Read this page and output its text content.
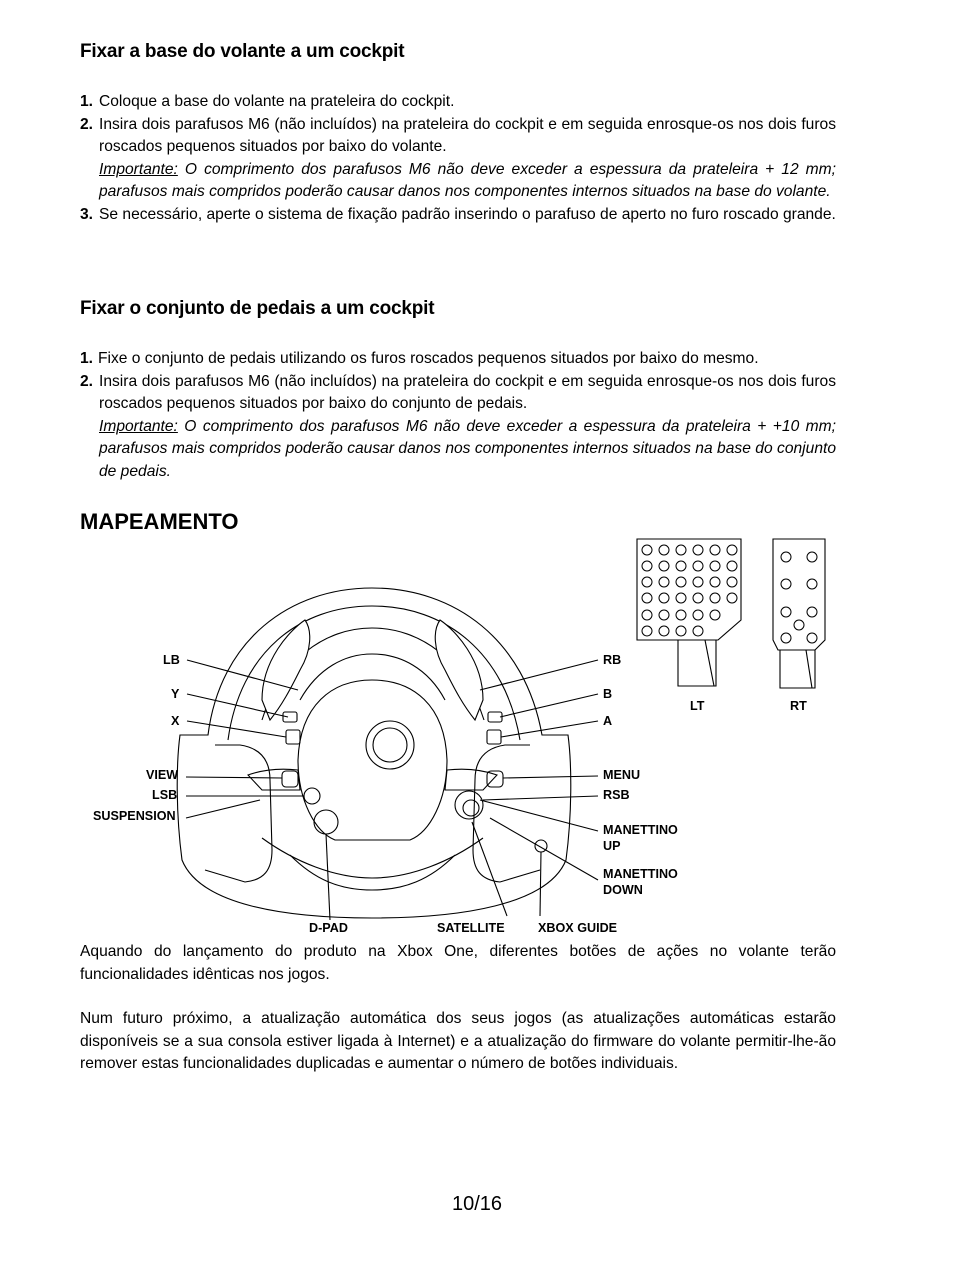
Fixar a base do volante a um cockpit
1. Coloque a base do volante na prateleira do cockpit.
2. Insira dois parafusos M6 (não incluídos) na prateleira do cockpit e em seguida enrosque-os nos dois furos roscados pequenos situados por baixo do volante.
Importante: O comprimento dos parafusos M6 não deve exceder a espessura da prateleira + 12 mm; parafusos mais compridos poderão causar danos nos componentes internos situados na base do volante.
3. Se necessário, aperte o sistema de fixação padrão inserindo o parafuso de aperto no furo roscado grande.
Fixar o conjunto de pedais a um cockpit
1. Fixe o conjunto de pedais utilizando os furos roscados pequenos situados por baixo do mesmo.
2. Insira dois parafusos M6 (não incluídos) na prateleira do cockpit e em seguida enrosque-os nos dois furos roscados pequenos situados por baixo do conjunto de pedais.
Importante: O comprimento dos parafusos M6 não deve exceder a espessura da prateleira + +10 mm; parafusos mais compridos poderão causar danos nos componentes internos situados na base do conjunto de pedais.
MAPEAMENTO
LB
Y
X
VIEW
LSB
SUSPENSION
RB
B
A
MENU
RSB
MANETTINO
UP
MANETTINO
DOWN
D-PAD	SATELLITE	XBOX GUIDE
LT	RT
Aquando do lançamento do produto na Xbox One, diferentes botões de ações no volante terão funcionalidades idênticas nos jogos.
Num futuro próximo, a atualização automática dos seus jogos (as atualizações automáticas estarão disponíveis se a sua consola estiver ligada à Internet) e a atualização do firmware do volante permitir-lhe-ão remover estas funcionalidades duplicadas e aumentar o número de botões individuais.
10/16
